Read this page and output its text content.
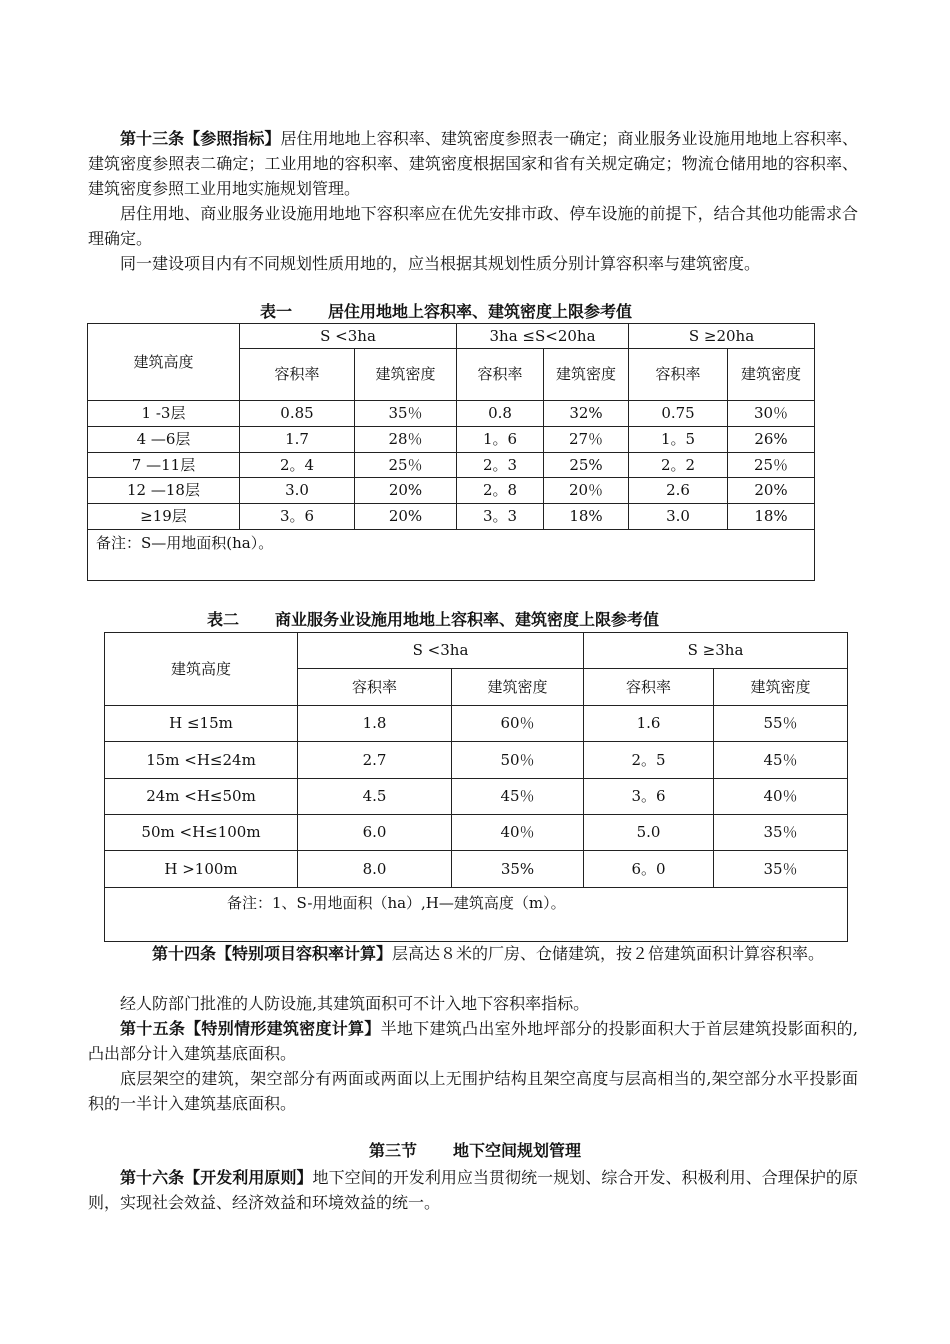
第十三条【参照指标】居住用地地上容积率、建筑密度参照表一确定；商业服务业设施用地地上容积率、建筑密度参照表二确定；工业用地的容积率、建筑密度根据国家和省有关规定确定；物流仓储用地的容积率、建筑密度参照工业用地实施规划管理。

居住用地、商业服务业设施用地地下容积率应在优先安排市政、停车设施的前提下，结合其他功能需求合理确定。

同一建设项目内有不同规划性质用地的，应当根据其规划性质分别计算容积率与建筑密度。

表一 居住用地地上容积率、建筑密度上限参考值

建筑高度	S <3ha		3ha ≤S<20ha		S ≥20ha	
	容积率	建筑密度	容积率	建筑密度	容积率	建筑密度
1 -3层	0.85	35％	0.8	32%	0.75	30％
4 —6层	1.7	28％	1。6	27％	1。5	26%
7 —11层	2。4	25％	2。3	25%	2。2	25％
12 —18层	3.0	20%	2。8	20％	2.6	20%
≥19层	3。6	20%	3。3	18%	3.0	18%
备注：S—用地面积(ha）。						

表二 商业服务业设施用地地上容积率、建筑密度上限参考值

建筑高度	S <3ha		S ≥3ha	
	容积率	建筑密度	容积率	建筑密度
H ≤15m	1.8	60％	1.6	55％
15m <H≤24m	2.7	50％	2。5	45％
24m <H≤50m	4.5	45％	3。6	40％
50m <H≤100m	6.0	40％	5.0	35％
H >100m	8.0	35%	6。0	35％
备注：1、S-用地面积（ha）,H—建筑高度（m）。				

第十四条【特别项目容积率计算】层高达８米的厂房、仓储建筑，按２倍建筑面积计算容积率。

经人防部门批准的人防设施,其建筑面积可不计入地下容积率指标。

第十五条【特别情形建筑密度计算】半地下建筑凸出室外地坪部分的投影面积大于首层建筑投影面积的,凸出部分计入建筑基底面积。

底层架空的建筑，架空部分有两面或两面以上无围护结构且架空高度与层高相当的,架空部分水平投影面积的一半计入建筑基底面积。

第三节 地下空间规划管理

第十六条【开发利用原则】地下空间的开发利用应当贯彻统一规划、综合开发、积极利用、合理保护的原则，实现社会效益、经济效益和环境效益的统一。
